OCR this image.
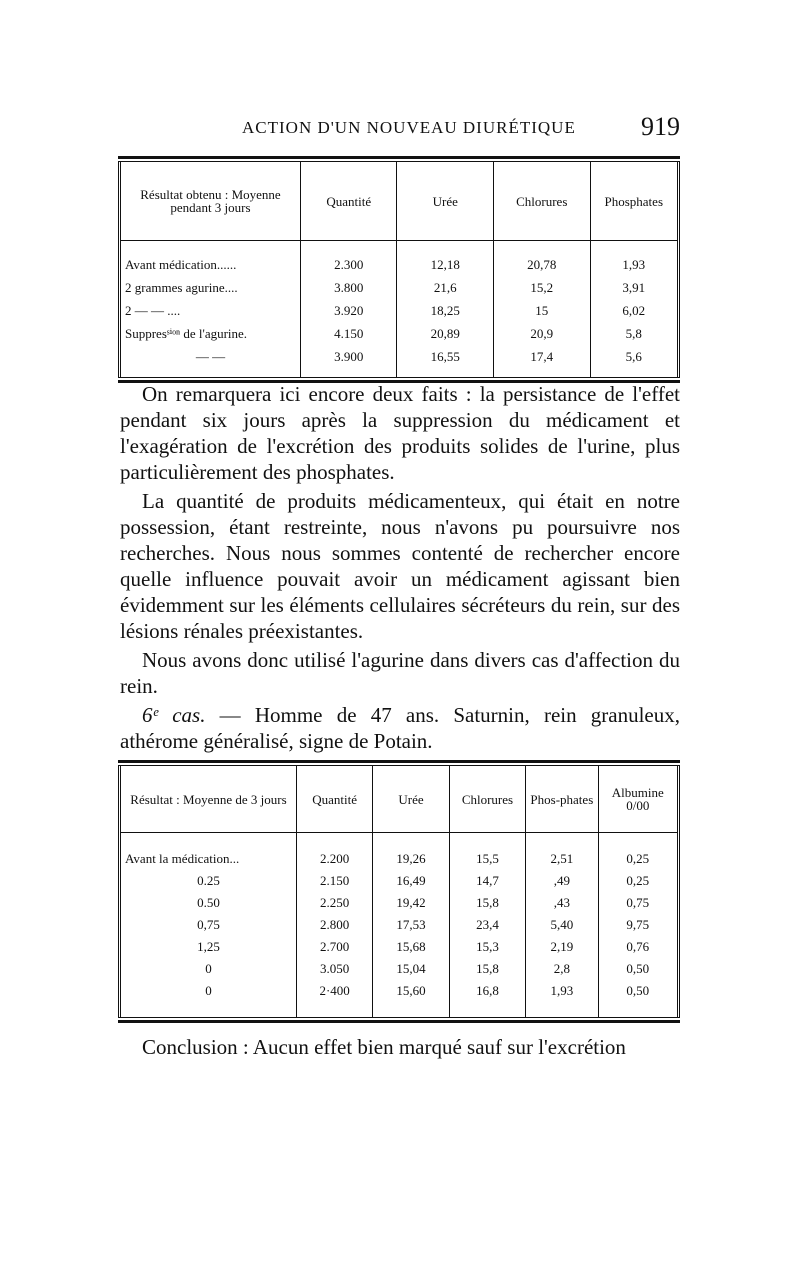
ACTION D'UN NOUVEAU DIURÉTIQUE	919
Résultat obtenu : Moyenne pendant 3 jours	Quantité	Urée	Chlorures	Phosphates

Avant médication......	2.300	12,18	20,78	1,93
2 grammes agurine....	3.800	21,6	15,2	3,91
2 — — ....	3.920	18,25	15	6,02
Suppresˢⁱᵒⁿ de l'agurine.	4.150	20,89	20,9	5,8
— —	3.900	16,55	17,4	5,6

On remarquera ici encore deux faits : la persistance de l'effet pendant six jours après la suppression du médicament et l'exagération de l'excrétion des produits solides de l'urine, plus particulièrement des phosphates.

La quantité de produits médicamenteux, qui était en notre possession, étant restreinte, nous n'avons pu poursuivre nos recherches. Nous nous sommes contenté de rechercher encore quelle influence pouvait avoir un médicament agissant bien évidemment sur les éléments cellulaires sécréteurs du rein, sur des lésions rénales préexistantes.

Nous avons donc utilisé l'agurine dans divers cas d'affection du rein.

6ᵉ cas. — Homme de 47 ans. Saturnin, rein granuleux, athérome généralisé, signe de Potain.

Résultat : Moyenne de 3 jours	Quantité	Urée	Chlorures	Phos-phates	Albumine 0/00

Avant la médication...	2.200	19,26	15,5	2,51	0,25
0.25	2.150	16,49	14,7	,49	0,25
0.50	2.250	19,42	15,8	,43	0,75
0,75	2.800	17,53	23,4	5,40	9,75
1,25	2.700	15,68	15,3	2,19	0,76
0	3.050	15,04	15,8	2,8	0,50
0	2·400	15,60	16,8	1,93	0,50

Conclusion : Aucun effet bien marqué sauf sur l'excrétion
